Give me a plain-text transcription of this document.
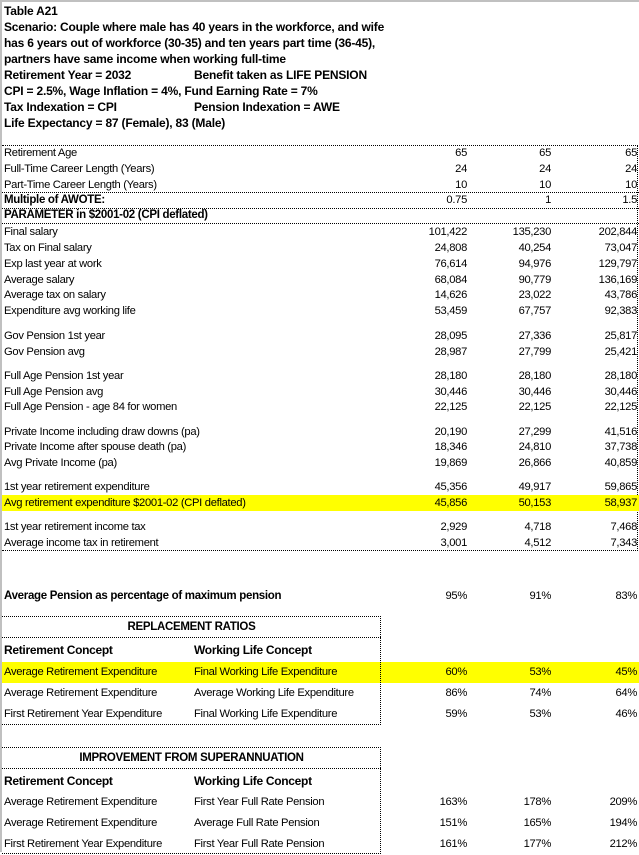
Table A21
Scenario: Couple where male has 40 years in the workforce, and wife
has 6 years out of workforce (30-35) and ten years part time (36-45),
partners have same income when working full-time
Retirement Year = 2032	Benefit taken as LIFE PENSION
CPI = 2.5%, Wage Inflation = 4%, Fund Earning Rate = 7%
Tax Indexation = CPI	Pension Indexation = AWE
Life Expectancy = 87 (Female), 83 (Male)
Retirement Age	65	65	65
Full-Time Career Length (Years)	24	24	24
Part-Time Career Length (Years)	10	10	10
Multiple of AWOTE:	0.75	1	1.5
PARAMETER in $2001-02 (CPI deflated)
Final salary	101,422	135,230	202,844
Tax on Final salary	24,808	40,254	73,047
Exp last year at work	76,614	94,976	129,797
Average salary	68,084	90,779	136,169
Average tax on salary	14,626	23,022	43,786
Expenditure avg working life	53,459	67,757	92,383
Gov Pension 1st year	28,095	27,336	25,817
Gov Pension avg	28,987	27,799	25,421
Full Age Pension 1st year	28,180	28,180	28,180
Full Age Pension avg	30,446	30,446	30,446
Full Age Pension - age 84 for women	22,125	22,125	22,125
Private Income including draw downs (pa)	20,190	27,299	41,516
Private Income after spouse death (pa)	18,346	24,810	37,738
Avg Private Income (pa)	19,869	26,866	40,859
1st year retirement expenditure	45,356	49,917	59,865
Avg retirement expenditure $2001-02 (CPI deflated)	45,856	50,153	58,937
1st year retirement income tax	2,929	4,718	7,468
Average income tax in retirement	3,001	4,512	7,343
Average Pension as percentage of maximum pension	95%	91%	83%
REPLACEMENT RATIOS
Retirement Concept	Working Life Concept
Average Retirement Expenditure	Final Working Life Expenditure	60%	53%	45%
Average Retirement Expenditure	Average Working Life Expenditure	86%	74%	64%
First Retirement Year Expenditure	Final Working Life Expenditure	59%	53%	46%
IMPROVEMENT FROM SUPERANNUATION
Retirement Concept	Working Life Concept
Average Retirement Expenditure	First Year Full Rate Pension	163%	178%	209%
Average Retirement Expenditure	Average Full Rate Pension	151%	165%	194%
First Retirement Year Expenditure	First Year Full Rate Pension	161%	177%	212%
